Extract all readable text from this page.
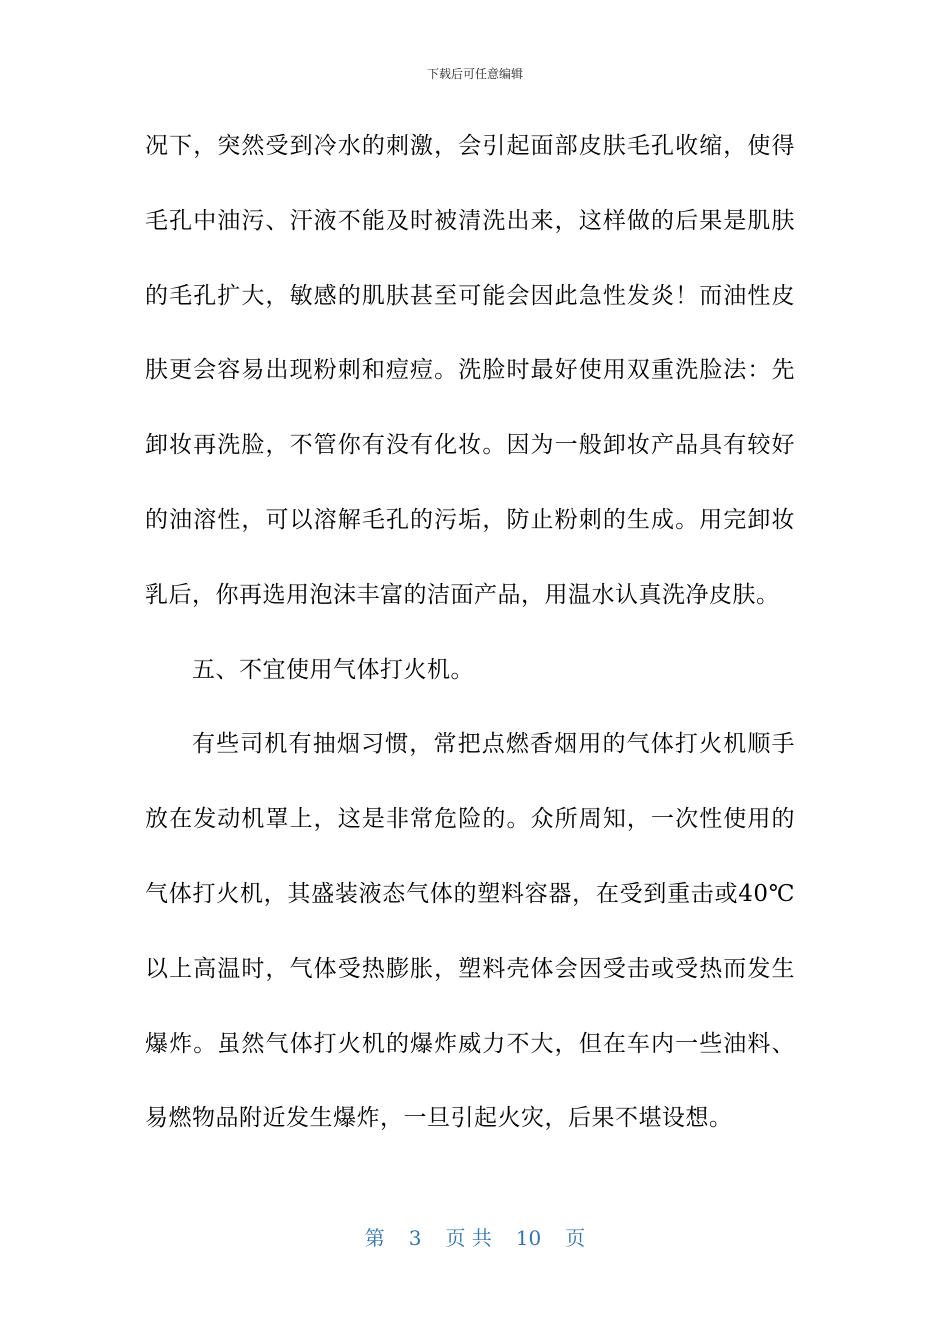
下载后可任意编辑
况下，突然受到冷水的刺激，会引起面部皮肤毛孔收缩，使得
毛孔中油污、汗液不能及时被清洗出来，这样做的后果是肌肤
的毛孔扩大，敏感的肌肤甚至可能会因此急性发炎！而油性皮
肤更会容易出现粉刺和痘痘。洗脸时最好使用双重洗脸法：先
卸妆再洗脸，不管你有没有化妆。因为一般卸妆产品具有较好
的油溶性，可以溶解毛孔的污垢，防止粉刺的生成。用完卸妆
乳后，你再选用泡沫丰富的洁面产品，用温水认真洗净皮肤。
五、不宜使用气体打火机。
有些司机有抽烟习惯，常把点燃香烟用的气体打火机顺手
放在发动机罩上，这是非常危险的。众所周知，一次性使用的
气体打火机，其盛装液态气体的塑料容器，在受到重击或40℃
以上高温时，气体受热膨胀，塑料壳体会因受击或受热而发生
爆炸。虽然气体打火机的爆炸威力不大，但在车内一些油料、
易燃物品附近发生爆炸，一旦引起火灾，后果不堪设想。
第 3 页 共 10 页
